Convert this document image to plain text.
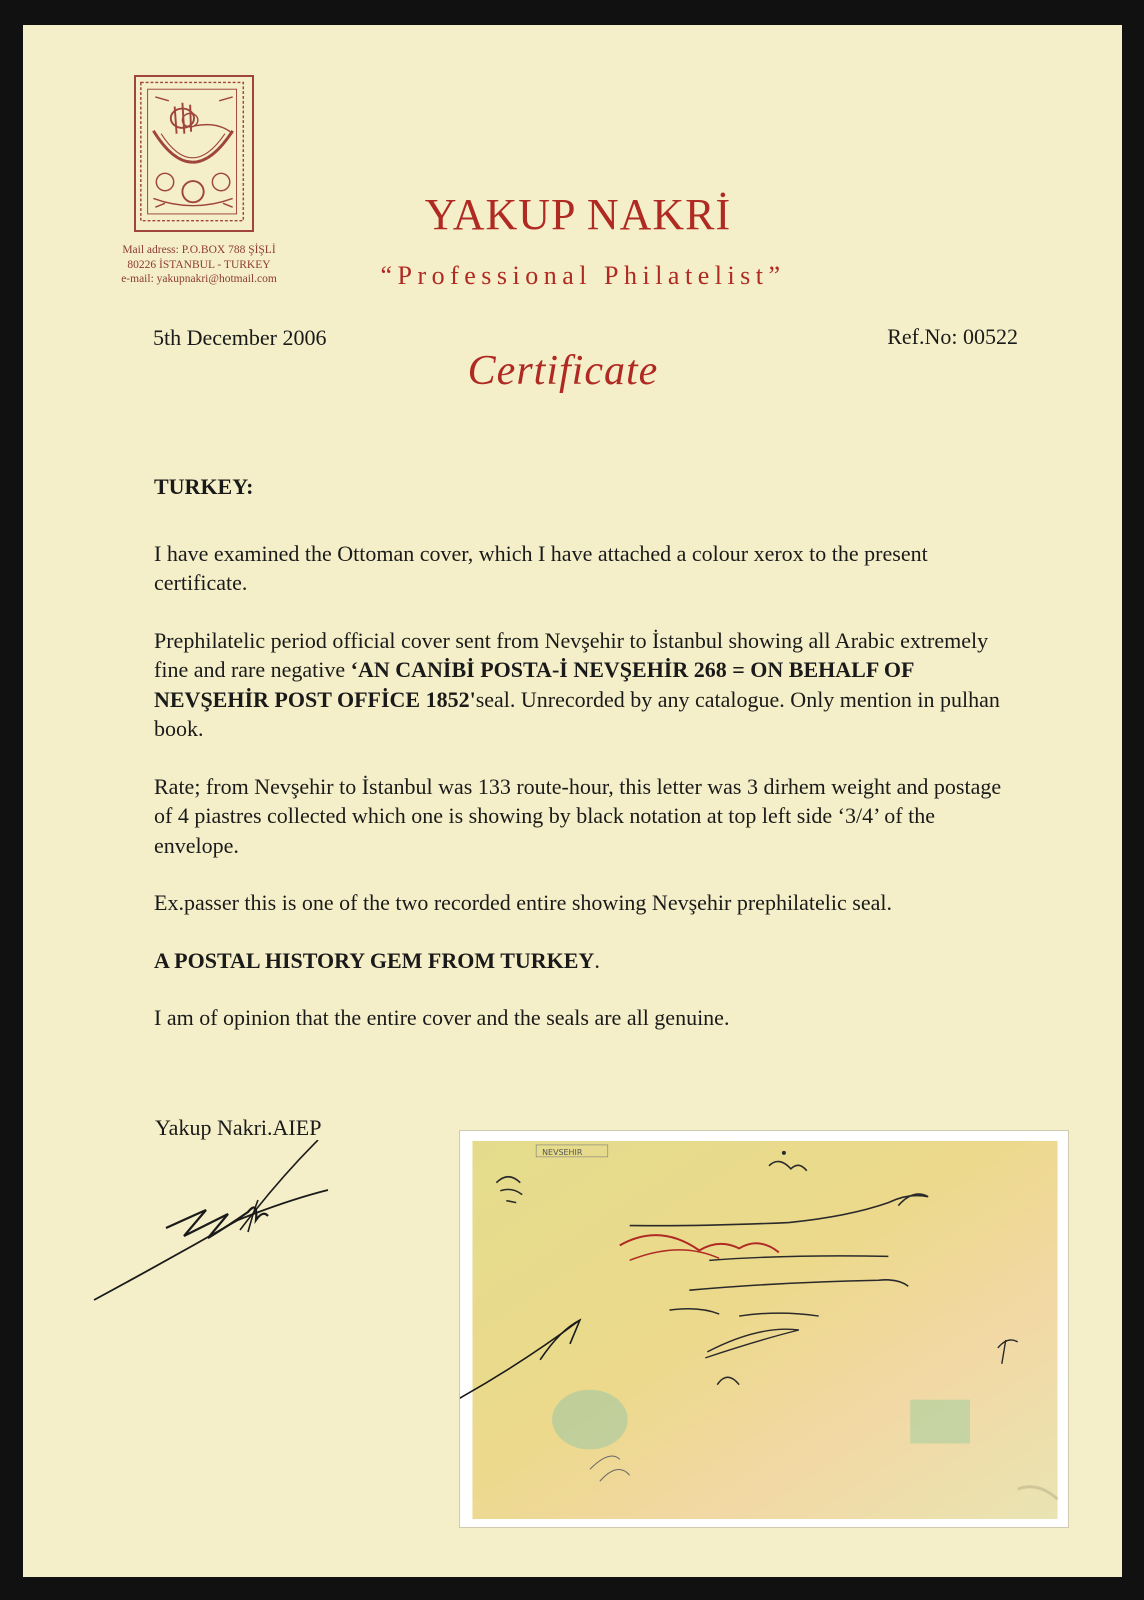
Mail adress: P.O.BOX 788 ŞİŞLİ
80226 İSTANBUL - TURKEY
e-mail: yakupnakri@hotmail.com
YAKUP NAKRİ
“Professional Philatelist”
5th December 2006	Ref.No: 00522
Certificate

TURKEY:

I have examined the Ottoman cover, which I have attached a colour xerox to the present certificate.

Prephilatelic period official cover sent from Nevşehir to İstanbul showing all Arabic extremely fine and rare negative ‘AN CANİBİ POSTA-İ NEVŞEHİR 268 = ON BEHALF OF NEVŞEHİR POST OFFİCE 1852'seal. Unrecorded by any catalogue. Only mention in pulhan book.

Rate; from Nevşehir to İstanbul was 133 route-hour, this letter was 3 dirhem weight and postage of 4 piastres collected which one is showing by black notation at top left side ‘3/4’ of the envelope.

Ex.passer this is one of the two recorded entire showing Nevşehir prephilatelic seal.

A POSTAL HISTORY GEM FROM TURKEY.

I am of opinion that the entire cover and the seals are all genuine.

Yakup Nakri.AIEP
NEVSEHIR
